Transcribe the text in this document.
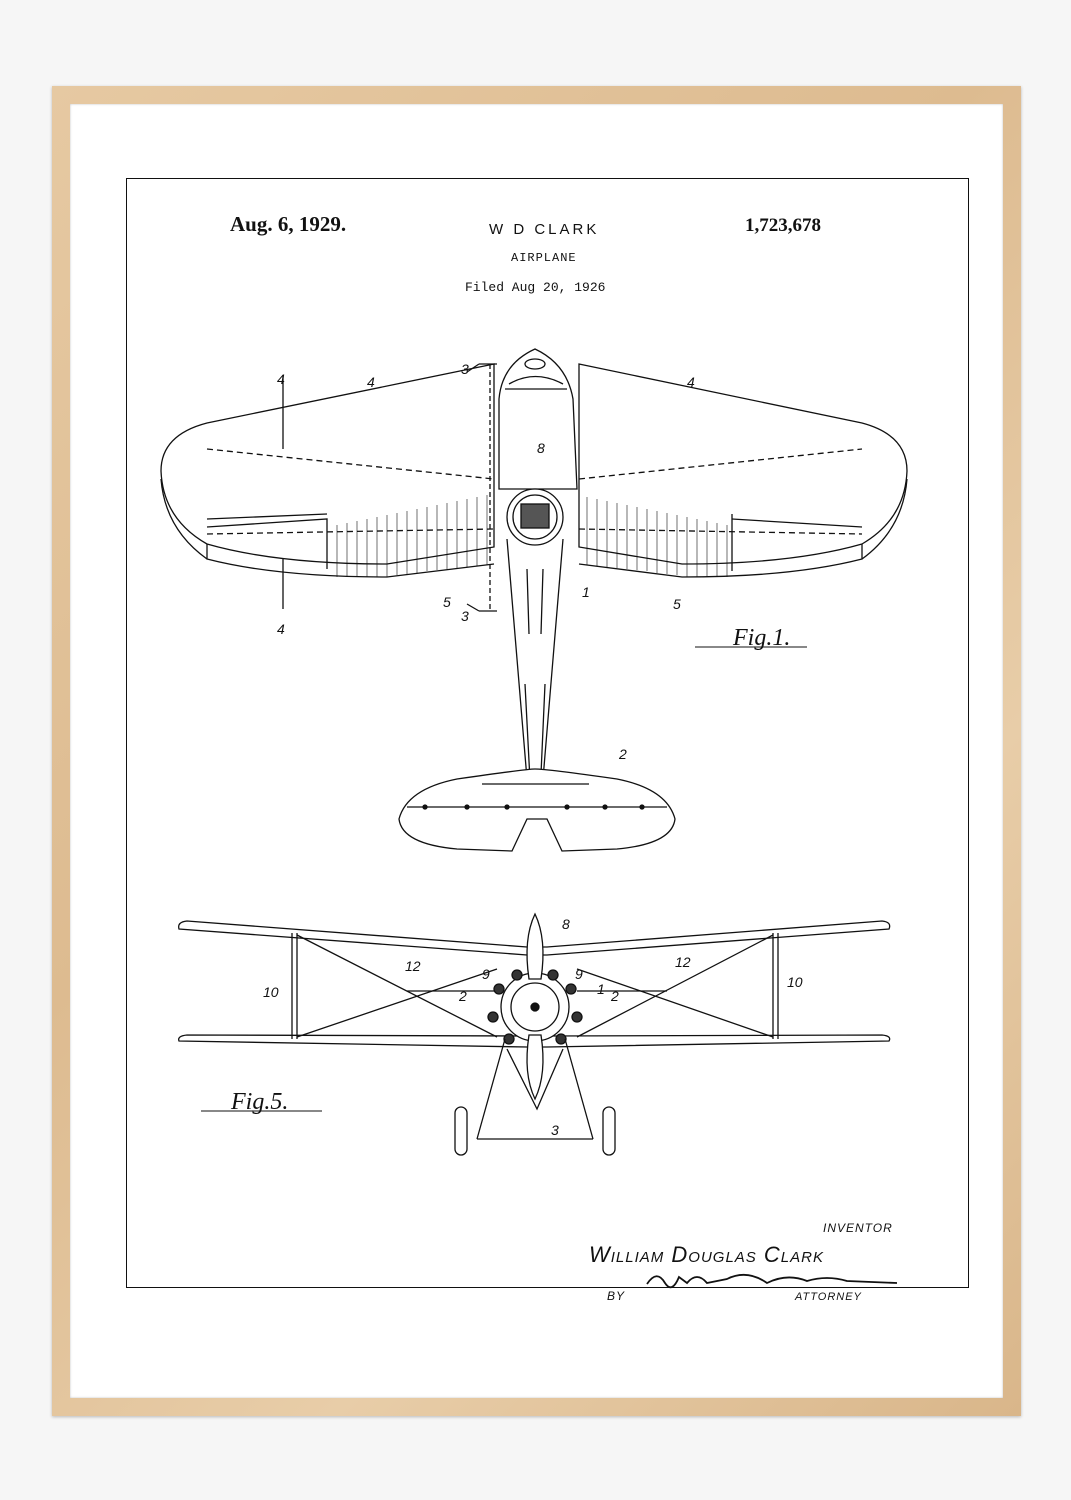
Aug. 6, 1929.	W D CLARK
AIRPLANE
Filed Aug 20, 1926
1,723,678
4	4	4
4
3
3
8
1
5	5
2
8
12	12
10
10
9	9
2	2
1
3
Fig.1.
Fig.5.
INVENTOR
William Douglas Clark
BY	ATTORNEY
